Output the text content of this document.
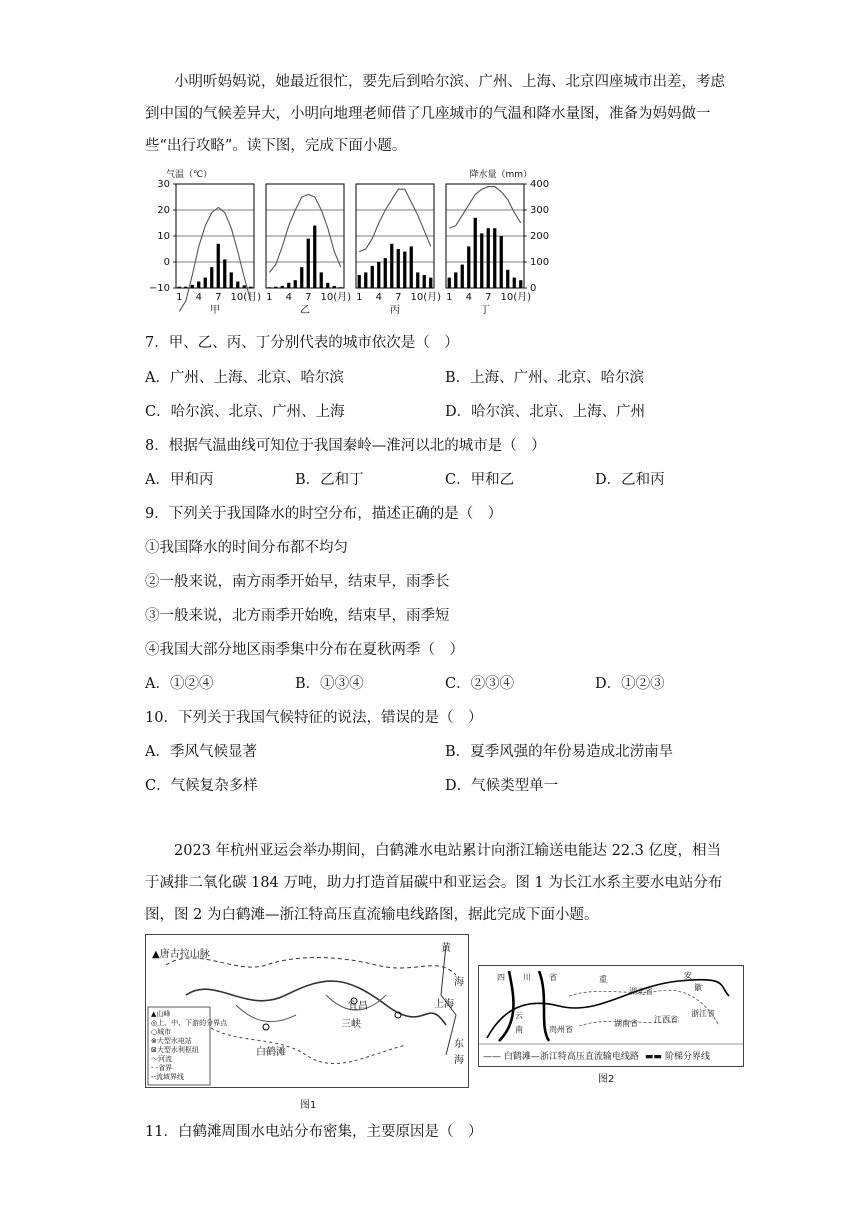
小明听妈妈说，她最近很忙，要先后到哈尔滨、广州、上海、北京四座城市出差，考虑到中国的气候差异大，小明向地理老师借了几座城市的气温和降水量图，准备为妈妈做一些“出行攻略”。读下图，完成下面小题。
气温（℃）	降水量（mm）
30
20
10
0
−10
400
300
200
100
0
1 4 7 10(月)
甲
1 4 7 10(月)
乙
1 4 7 10(月)
丙
1 4 7 10(月)
丁
7．甲、乙、丙、丁分别代表的城市依次是（　）
A．广州、上海、北京、哈尔滨	B．上海、广州、北京、哈尔滨
C．哈尔滨、北京、广州、上海	D．哈尔滨、北京、上海、广州
8．根据气温曲线可知位于我国秦岭—淮河以北的城市是（　）
A．甲和丙	B．乙和丁	C．甲和乙	D．乙和丙
9．下列关于我国降水的时空分布，描述正确的是（　）
①我国降水的时间分布都不均匀
②一般来说，南方雨季开始早，结束早，雨季长
③一般来说，北方雨季开始晚，结束早，雨季短
④我国大部分地区雨季集中分布在夏秋两季（　）
A．①②④	B．①③④	C．②③④	D．①②③
10．下列关于我国气候特征的说法，错误的是（　）
A．季风气候显著	B．夏季风强的年份易造成北涝南旱
C．气候复杂多样	D．气候类型单一
2023 年杭州亚运会举办期间，白鹤滩水电站累计向浙江输送电能达 22.3 亿度，相当于减排二氧化碳 184 万吨，助力打造首届碳中和亚运会。图 1 为长江水系主要水电站分布图，图 2 为白鹤滩—浙江特高压直流输电线路图，据此完成下面小题。
▲唐古拉山脉
▲山峰
◎上、中、下游的分界点
○城市
⊗大型水电站
⊠大型水利枢纽
～河流
- -省界
--流域界线
黄
海
上海
东
海
三峡
宜昌
白鹤滩
图1
四 川 省	重
湖北省
安
徽
浙江省
江西省
湖南省
贵州省
云
南
—— 白鹤滩—浙江特高压直流输电线路  ▬▬ 阶梯分界线
图2
11．白鹤滩周围水电站分布密集，主要原因是（　）
